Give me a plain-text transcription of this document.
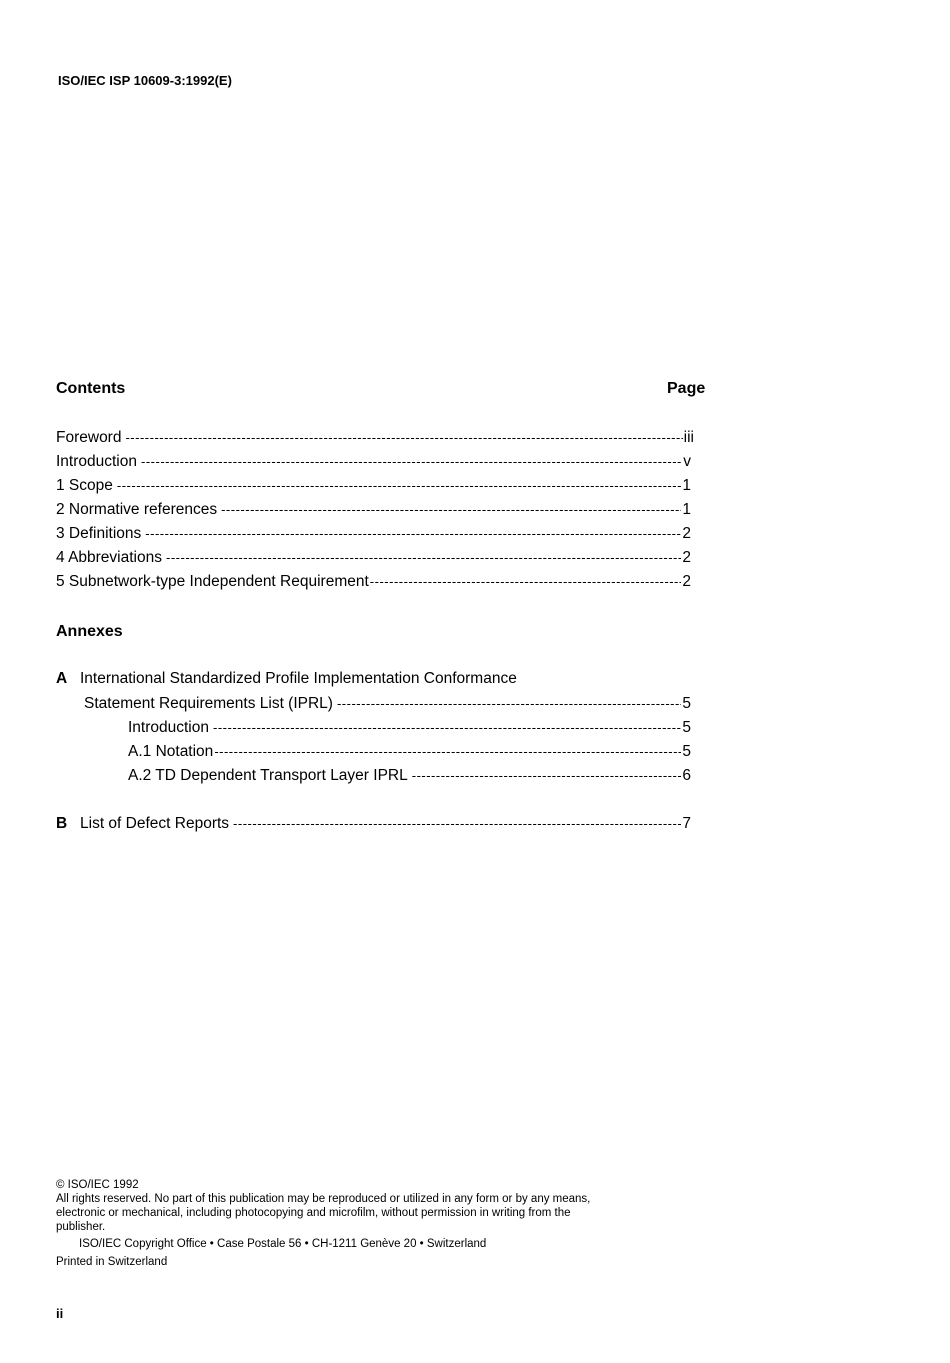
ISO/IEC ISP 10609-3:1992(E)
Contents	Page
Foreword -----	iii
Introduction -----	v
1 Scope -----	1
2 Normative references -----	1
3 Definitions -----	2
4 Abbreviations -----	2
5 Subnetwork-type Independent Requirement -----	2
Annexes
A International Standardized Profile Implementation Conformance
Statement Requirements List (IPRL) -----	5
Introduction -----	5
A.1 Notation -----	5
A.2 TD Dependent Transport Layer IPRL -----	6
B List of Defect Reports -----	7
© ISO/IEC 1992
All rights reserved. No part of this publication may be reproduced or utilized in any form or by any means, electronic or mechanical, including photocopying and microfilm, without permission in writing from the publisher.
ISO/IEC Copyright Office • Case Postale 56 • CH-1211 Genève 20 • Switzerland
Printed in Switzerland
ii
